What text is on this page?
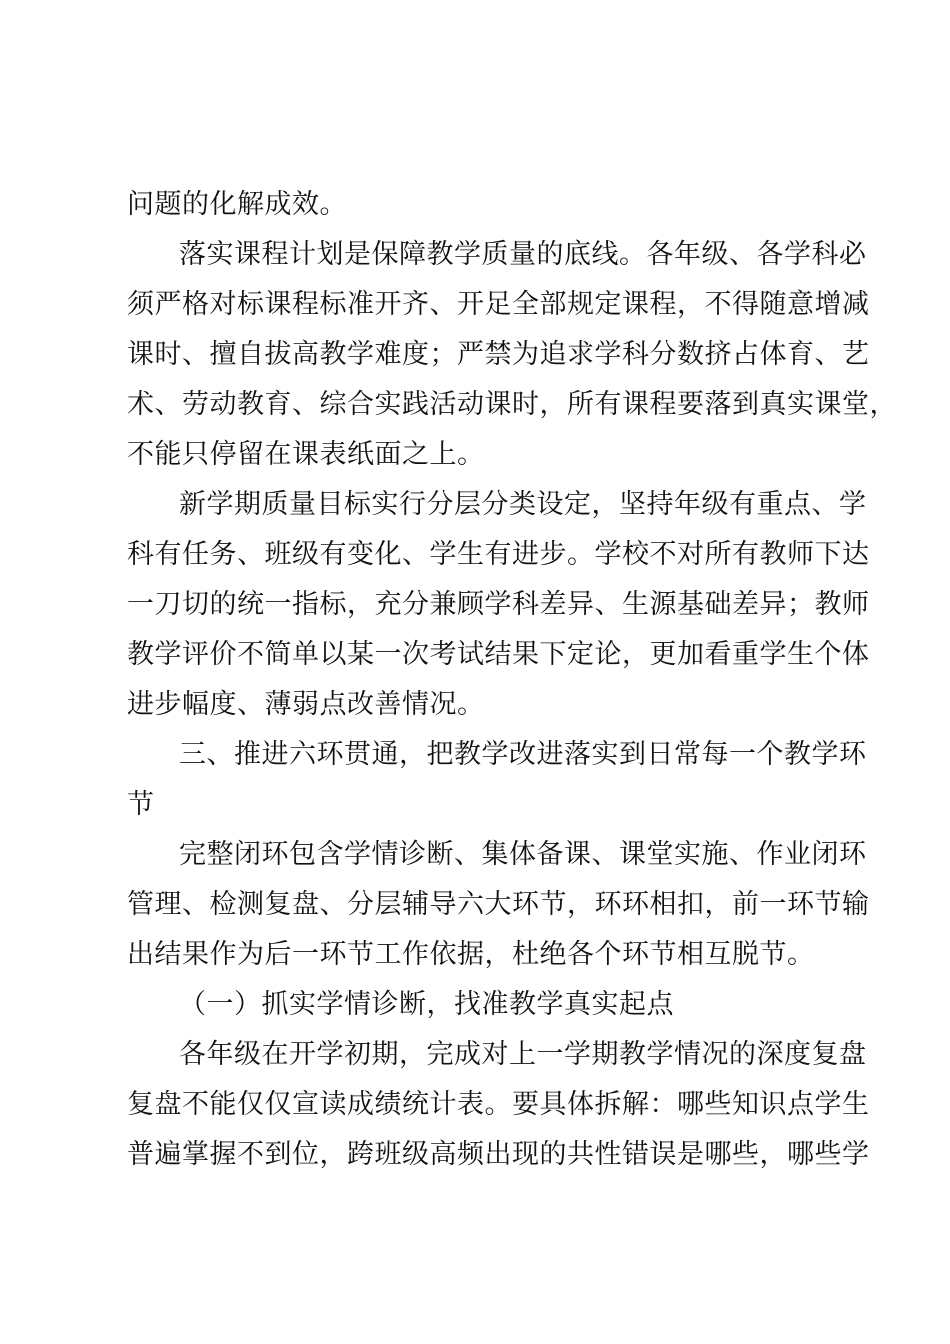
问题的化解成效。
落实课程计划是保障教学质量的底线。各年级、各学科必
须严格对标课程标准开齐、开足全部规定课程，不得随意增减
课时、擅自拔高教学难度；严禁为追求学科分数挤占体育、艺
术、劳动教育、综合实践活动课时，所有课程要落到真实课堂，
不能只停留在课表纸面之上。
新学期质量目标实行分层分类设定，坚持年级有重点、学
科有任务、班级有变化、学生有进步。学校不对所有教师下达
一刀切的统一指标，充分兼顾学科差异、生源基础差异；教师
教学评价不简单以某一次考试结果下定论，更加看重学生个体
进步幅度、薄弱点改善情况。
三、推进六环贯通，把教学改进落实到日常每一个教学环
节
完整闭环包含学情诊断、集体备课、课堂实施、作业闭环
管理、检测复盘、分层辅导六大环节，环环相扣，前一环节输
出结果作为后一环节工作依据，杜绝各个环节相互脱节。
（一）抓实学情诊断，找准教学真实起点
各年级在开学初期，完成对上一学期教学情况的深度复盘
复盘不能仅仅宣读成绩统计表。要具体拆解：哪些知识点学生
普遍掌握不到位，跨班级高频出现的共性错误是哪些，哪些学
